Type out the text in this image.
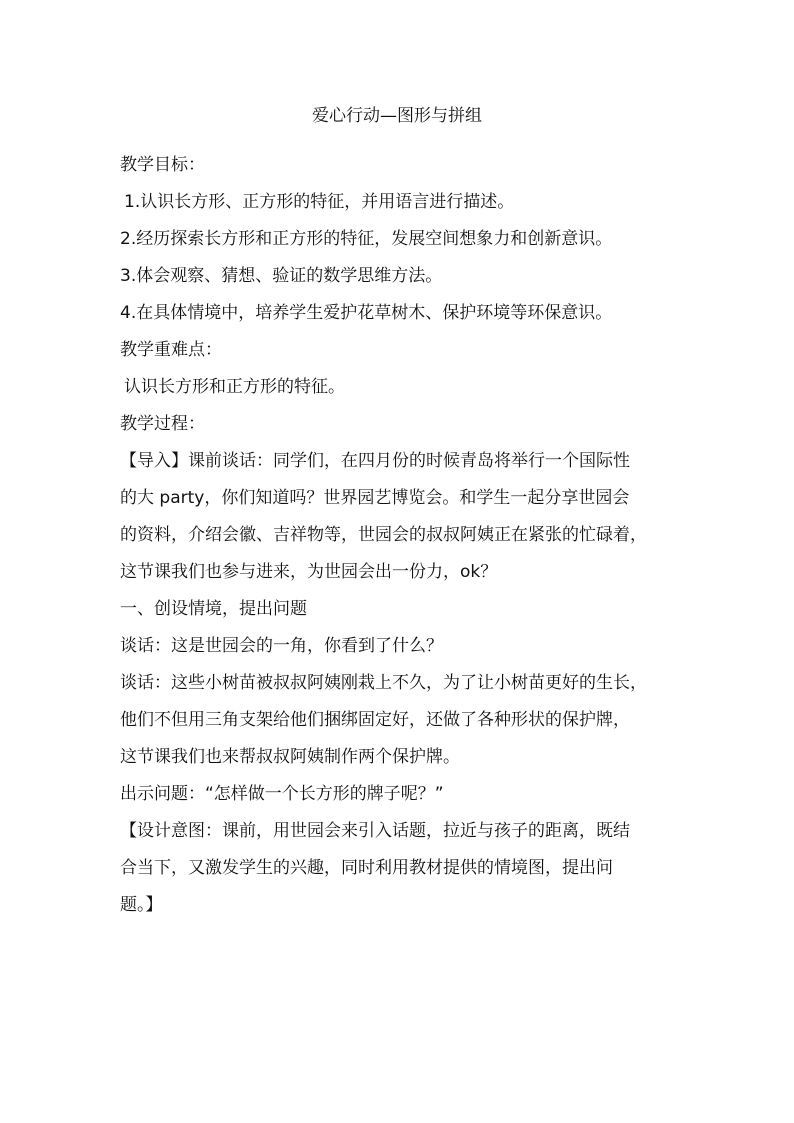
爱心行动—图形与拼组

教学目标：

1.认识长方形、正方形的特征，并用语言进行描述。

2.经历探索长方形和正方形的特征，发展空间想象力和创新意识。

3.体会观察、猜想、验证的数学思维方法。

4.在具体情境中，培养学生爱护花草树木、保护环境等环保意识。

教学重难点：

认识长方形和正方形的特征。

教学过程：

【导入】课前谈话：同学们，在四月份的时候青岛将举行一个国际性

的大 party，你们知道吗？世界园艺博览会。和学生一起分享世园会

的资料，介绍会徽、吉祥物等，世园会的叔叔阿姨正在紧张的忙碌着，

这节课我们也参与进来，为世园会出一份力，ok？

一、创设情境，提出问题

谈话：这是世园会的一角，你看到了什么？

谈话：这些小树苗被叔叔阿姨刚栽上不久，为了让小树苗更好的生长，

他们不但用三角支架给他们捆绑固定好，还做了各种形状的保护牌，

这节课我们也来帮叔叔阿姨制作两个保护牌。

出示问题：“怎样做一个长方形的牌子呢？”

【设计意图：课前，用世园会来引入话题，拉近与孩子的距离，既结

合当下，又激发学生的兴趣，同时利用教材提供的情境图，提出问

题。】
